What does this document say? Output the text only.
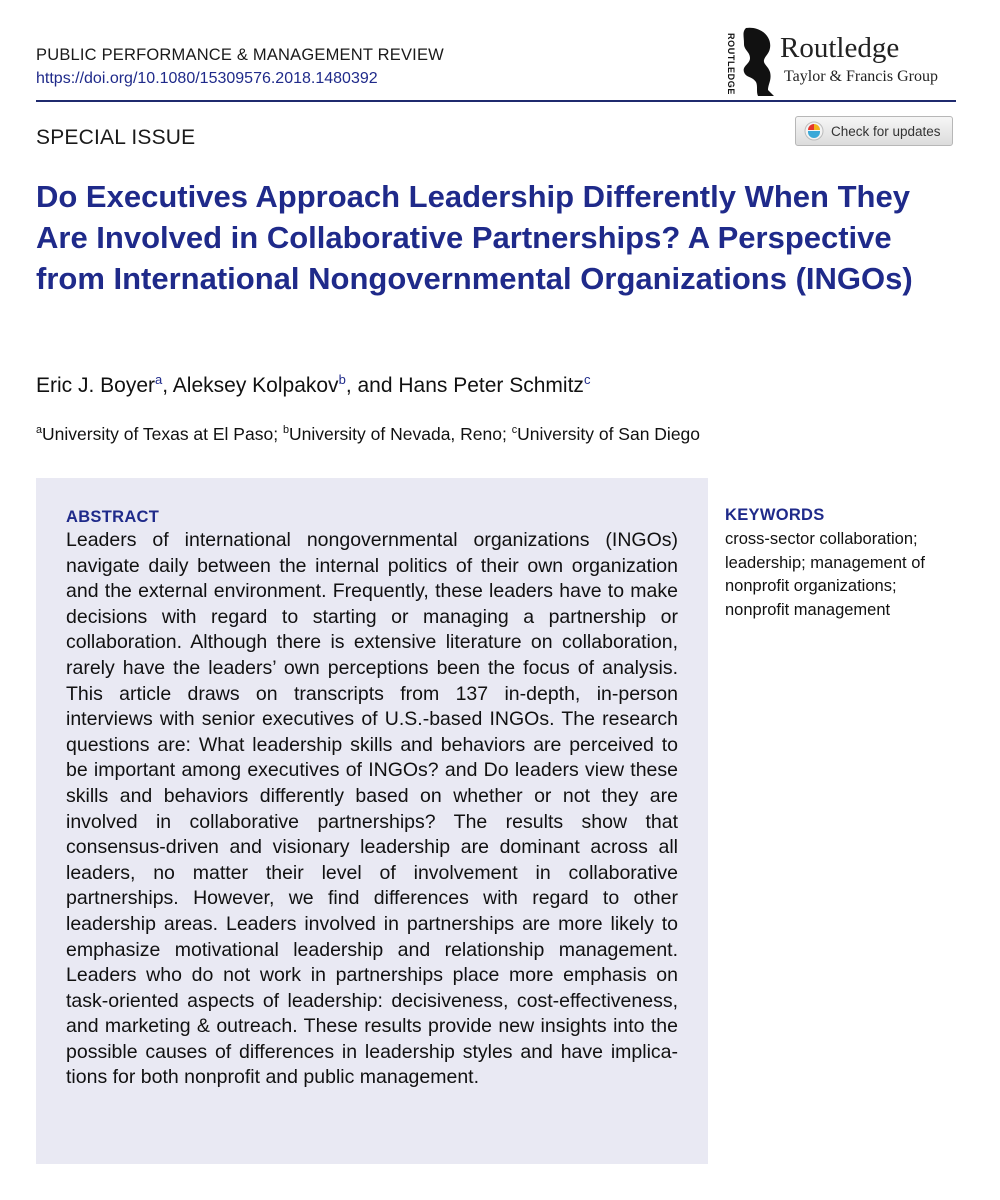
PUBLIC PERFORMANCE & MANAGEMENT REVIEW
https://doi.org/10.1080/15309576.2018.1480392	ROUTLEDGE Routledge
Taylor & Francis Group
SPECIAL ISSUE	Check for updates
Do Executives Approach Leadership Differently When They Are Involved in Collaborative Partnerships? A Perspective from International Nongovernmental Organizations (INGOs)
Eric J. Boyer$^a$, Aleksey Kolpakov$^b$, and Hans Peter Schmitz$^c$
$^a$University of Texas at El Paso; $^b$University of Nevada, Reno; $^c$University of San Diego
ABSTRACT

Leaders of international nongovernmental organizations (INGOs) navigate daily between the internal politics of their own organization and the external environment. Frequently, these leaders have to make decisions with regard to starting or managing a partnership or collaboration. Although there is extensive literature on collaboration, rarely have the leaders’ own perceptions been the focus of analysis. This article draws on transcripts from 137 in-depth, in-person interviews with senior executives of U.S.-based INGOs. The research questions are: What leadership skills and behaviors are perceived to be important among executives of INGOs? and Do leaders view these skills and behaviors differently based on whether or not they are involved in collaborative partnerships? The results show that consensus-driven and visionary leadership are dominant across all leaders, no matter their level of involvement in collaborative partnerships. However, we find differences with regard to other leadership areas. Leaders involved in partnerships are more likely to emphasize motivational leadership and relationship management. Leaders who do not work in partnerships place more emphasis on task-oriented aspects of leadership: decisiveness, cost-effectiveness, and marketing & outreach. These results provide new insights into the possible causes of differences in leadership styles and have implications for both nonprofit and public management.

KEYWORDS
cross-sector collaboration;
leadership; management of
nonprofit organizations;
nonprofit management
